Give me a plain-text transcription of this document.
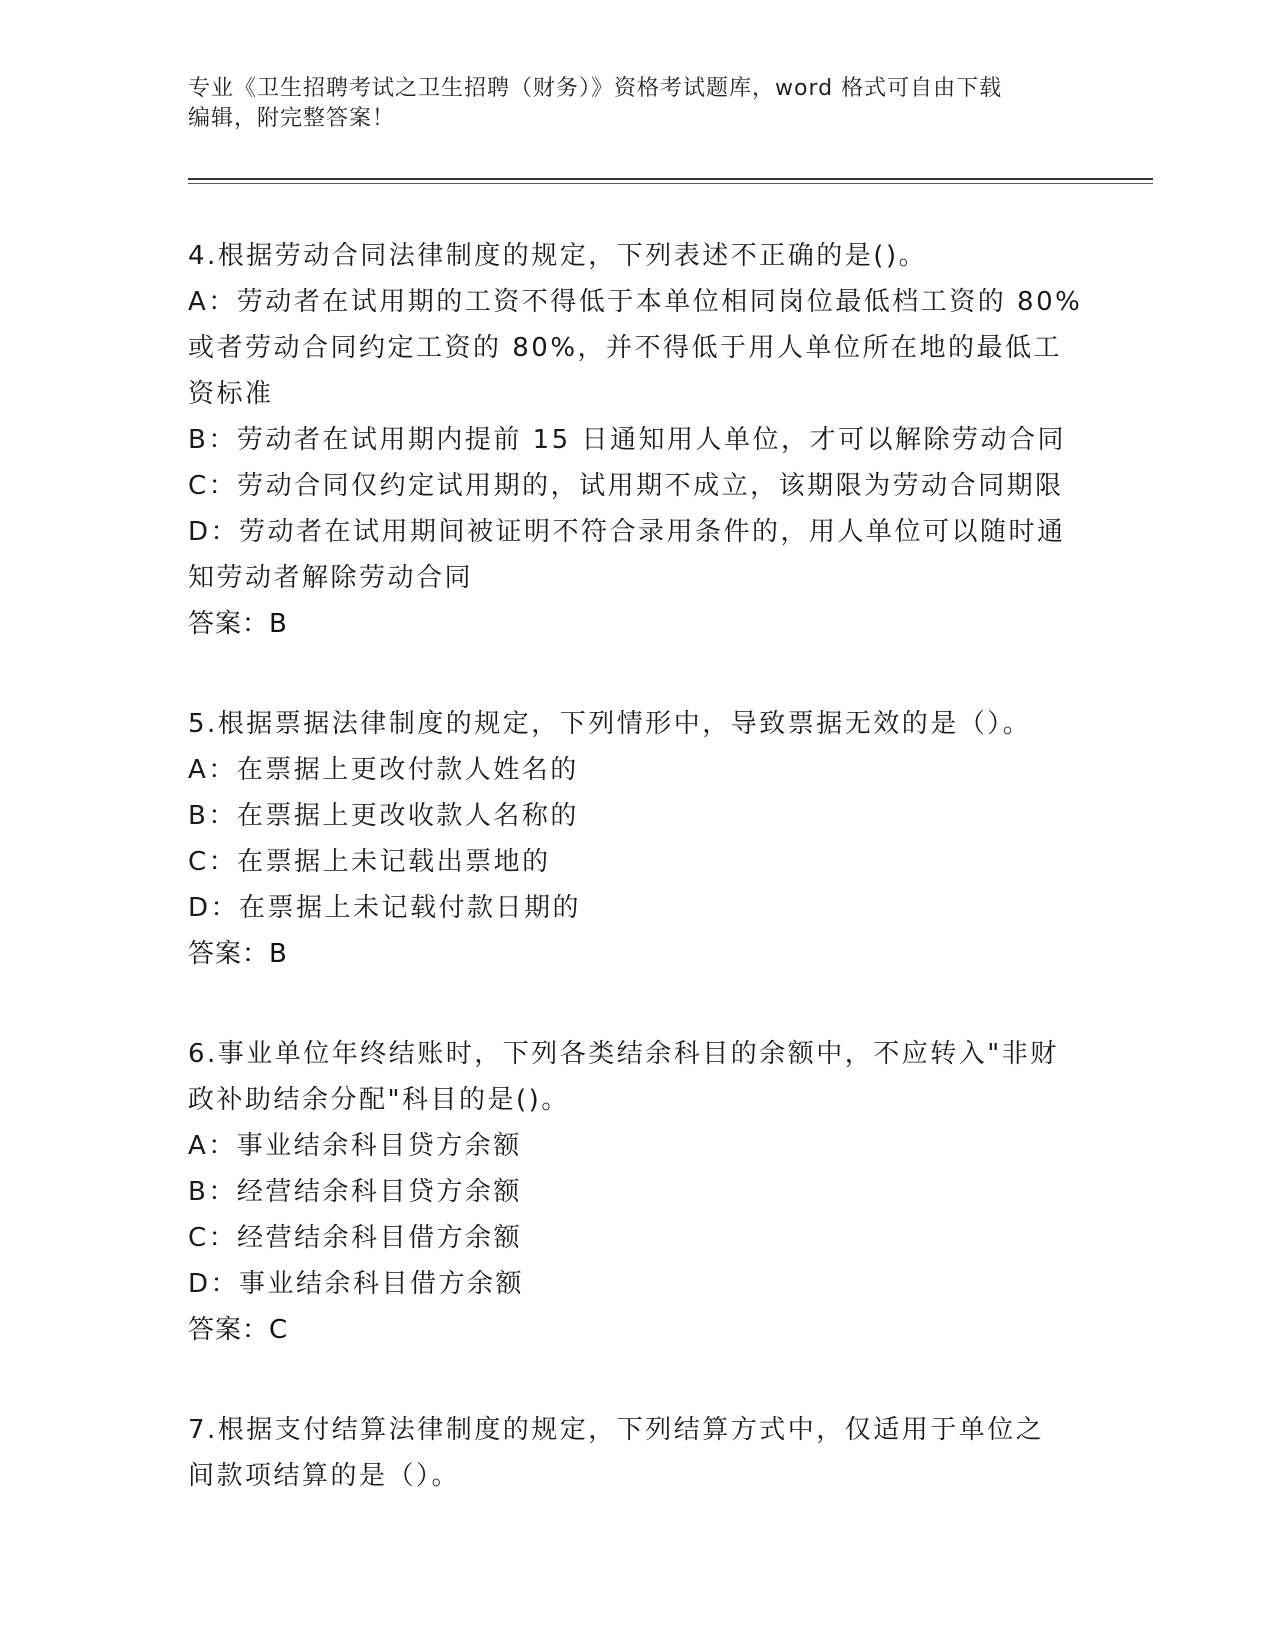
专业《卫生招聘考试之卫生招聘（财务）》资格考试题库，word 格式可自由下载
编辑，附完整答案！
4.根据劳动合同法律制度的规定，下列表述不正确的是()。
A：劳动者在试用期的工资不得低于本单位相同岗位最低档工资的 80%
或者劳动合同约定工资的 80%，并不得低于用人单位所在地的最低工
资标准
B：劳动者在试用期内提前 15 日通知用人单位，才可以解除劳动合同
C：劳动合同仅约定试用期的，试用期不成立，该期限为劳动合同期限
D：劳动者在试用期间被证明不符合录用条件的，用人单位可以随时通
知劳动者解除劳动合同
答案：B
5.根据票据法律制度的规定，下列情形中，导致票据无效的是（）。
A：在票据上更改付款人姓名的
B：在票据上更改收款人名称的
C：在票据上未记载出票地的
D：在票据上未记载付款日期的
答案：B
6.事业单位年终结账时，下列各类结余科目的余额中，不应转入"非财
政补助结余分配"科目的是()。
A：事业结余科目贷方余额
B：经营结余科目贷方余额
C：经营结余科目借方余额
D：事业结余科目借方余额
答案：C
7.根据支付结算法律制度的规定，下列结算方式中，仅适用于单位之
间款项结算的是（）。
